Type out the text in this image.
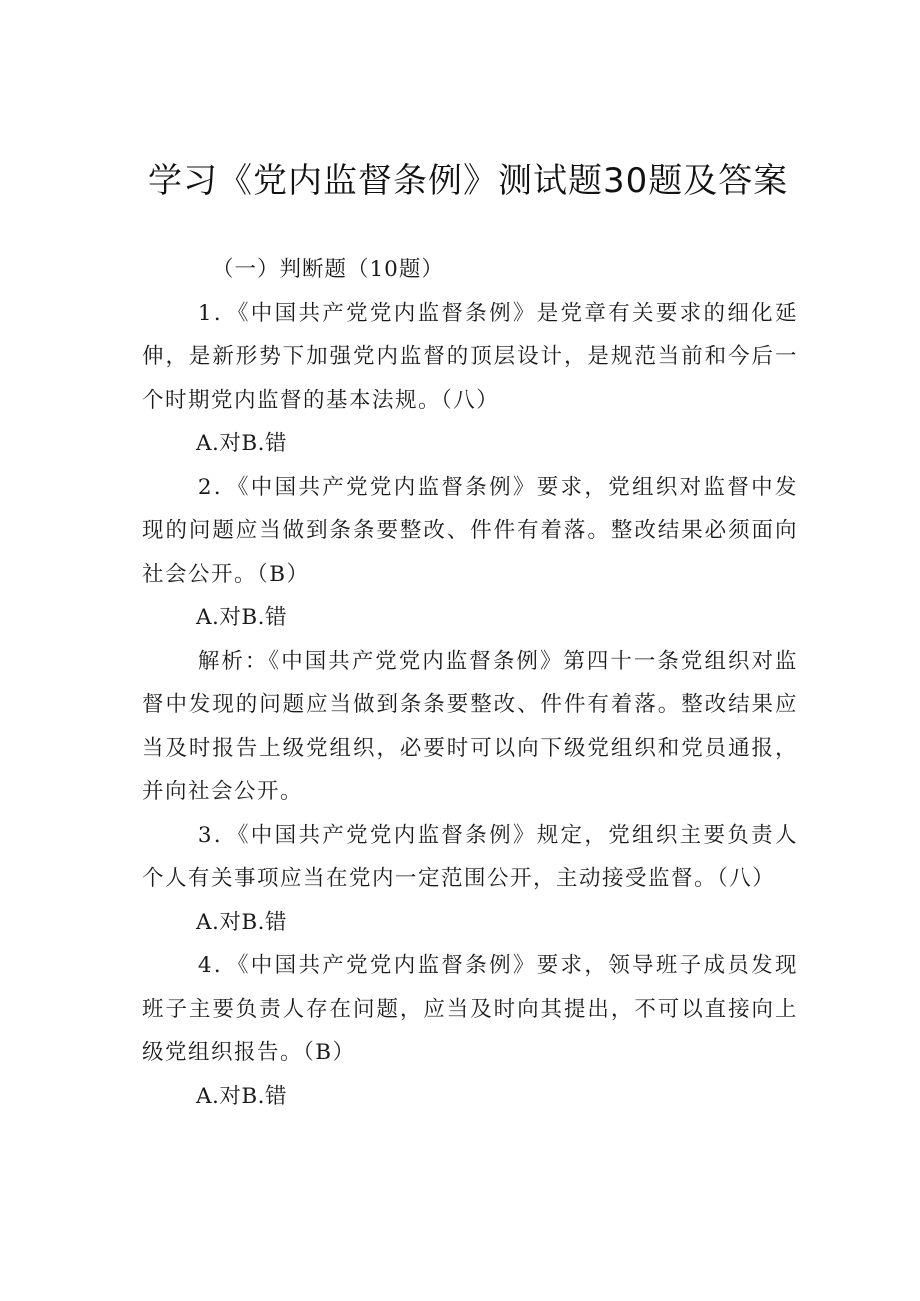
学习《党内监督条例》测试题30题及答案

（一）判断题（10题）

1．《中国共产党党内监督条例》是党章有关要求的细化延伸，是新形势下加强党内监督的顶层设计，是规范当前和今后一个时期党内监督的基本法规。（八）

A.对B.错

2．《中国共产党党内监督条例》要求，党组织对监督中发现的问题应当做到条条要整改、件件有着落。整改结果必须面向社会公开。（B）

A.对B.错

解析：《中国共产党党内监督条例》第四十一条党组织对监督中发现的问题应当做到条条要整改、件件有着落。整改结果应当及时报告上级党组织，必要时可以向下级党组织和党员通报，并向社会公开。

3．《中国共产党党内监督条例》规定，党组织主要负责人个人有关事项应当在党内一定范围公开，主动接受监督。（八）

A.对B.错

4．《中国共产党党内监督条例》要求，领导班子成员发现班子主要负责人存在问题，应当及时向其提出，不可以直接向上级党组织报告。（B）

A.对B.错
